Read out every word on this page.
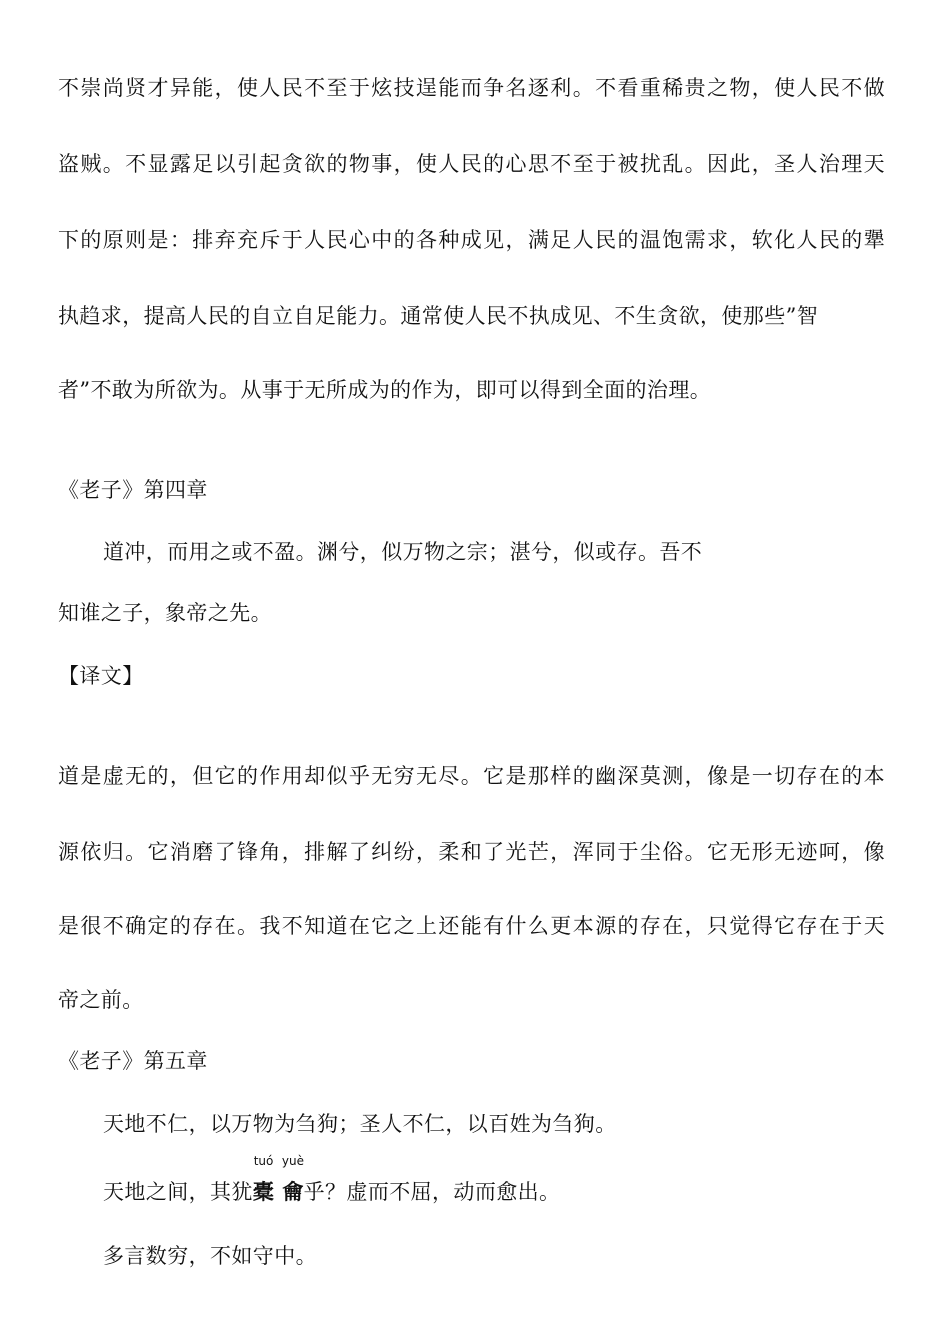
不崇尚贤才异能，使人民不至于炫技逞能而争名逐利。不看重稀贵之物，使人民不做
盗贼。不显露足以引起贪欲的物事，使人民的心思不至于被扰乱。因此，圣人治理天
下的原则是：排弃充斥于人民心中的各种成见，满足人民的温饱需求，软化人民的犟
执趋求，提高人民的自立自足能力。通常使人民不执成见、不生贪欲，使那些”智
者”不敢为所欲为。从事于无所成为的作为，即可以得到全面的治理。
《老子》第四章
道冲，而用之或不盈。渊兮，似万物之宗；湛兮，似或存。吾不
知谁之子，象帝之先。
【译文】
道是虚无的，但它的作用却似乎无穷无尽。它是那样的幽深莫测，像是一切存在的本
源依归。它消磨了锋角，排解了纠纷，柔和了光芒，浑同于尘俗。它无形无迹呵，像
是很不确定的存在。我不知道在它之上还能有什么更本源的存在，只觉得它存在于天
帝之前。
《老子》第五章
天地不仁，以万物为刍狗；圣人不仁，以百姓为刍狗。
天地之间，其犹
tuó
橐
yuè
龠乎？虚而不屈，动而愈出。
多言数穷，不如守中。
